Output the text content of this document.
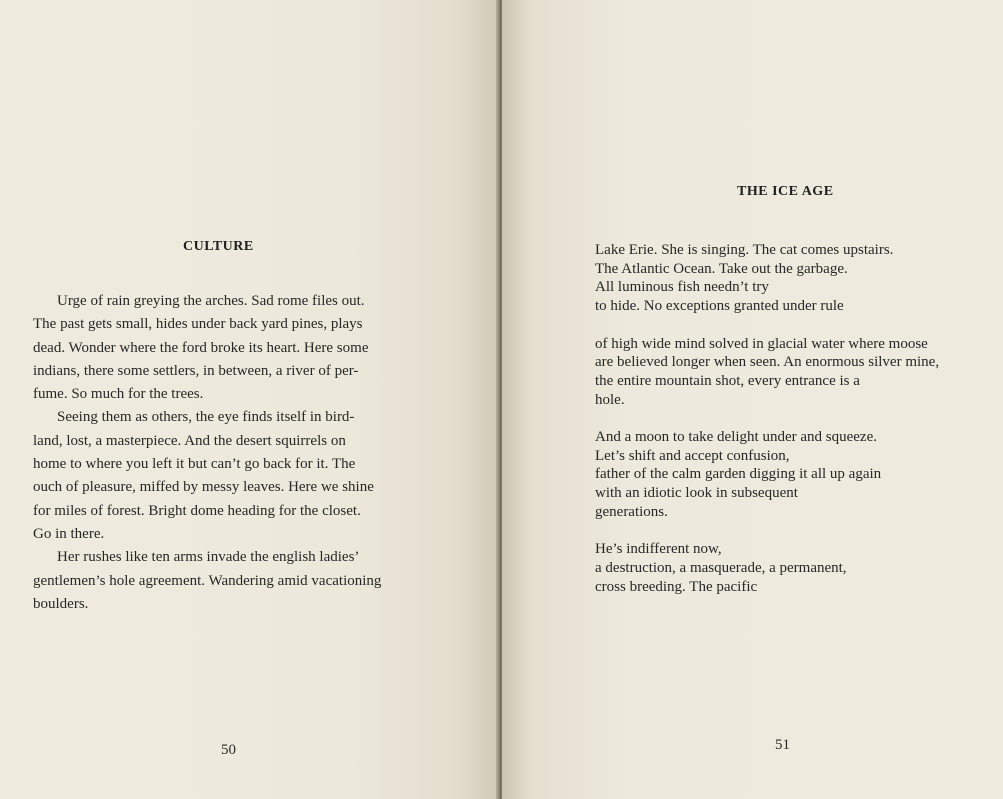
CULTURE

Urge of rain greying the arches. Sad rome files out.
The past gets small, hides under back yard pines, plays
dead. Wonder where the ford broke its heart. Here some
indians, there some settlers, in between, a river of per-
fume. So much for the trees.

Seeing them as others, the eye finds itself in bird-
land, lost, a masterpiece. And the desert squirrels on
home to where you left it but can’t go back for it. The
ouch of pleasure, miffed by messy leaves. Here we shine
for miles of forest. Bright dome heading for the closet.
Go in there.

Her rushes like ten arms invade the english ladies’
gentlemen’s hole agreement. Wandering amid vacationing
boulders.

50
THE ICE AGE
Lake Erie. She is singing. The cat comes upstairs.
The Atlantic Ocean. Take out the garbage.
All luminous fish needn’t try
to hide. No exceptions granted under rule
of high wide mind solved in glacial water where moose
are believed longer when seen. An enormous silver mine,
the entire mountain shot, every entrance is a
hole.
And a moon to take delight under and squeeze.
Let’s shift and accept confusion,
father of the calm garden digging it all up again
with an idiotic look in subsequent
generations.
He’s indifferent now,
a destruction, a masquerade, a permanent,
cross breeding. The pacific
51
